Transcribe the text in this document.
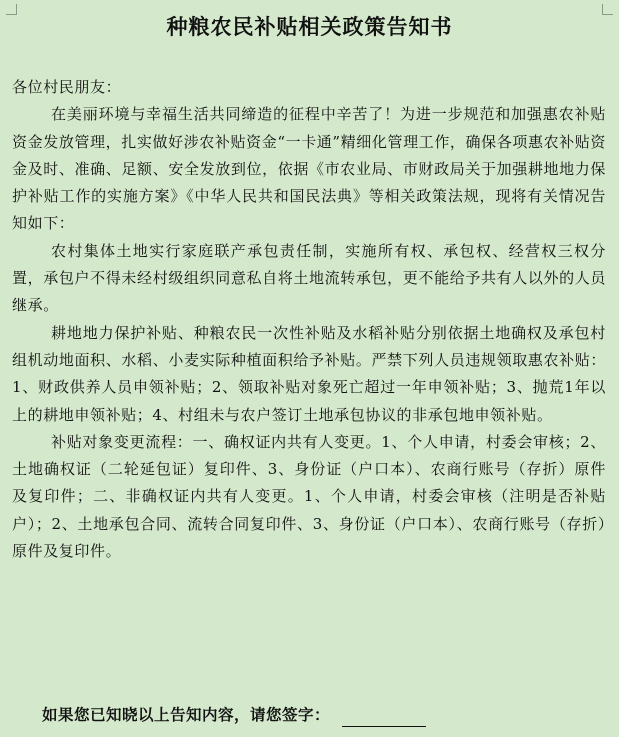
种粮农民补贴相关政策告知书

各位村民朋友：

在美丽环境与幸福生活共同缔造的征程中辛苦了！为进一步规范和加强惠农补贴资金发放管理，扎实做好涉农补贴资金“一卡通”精细化管理工作，确保各项惠农补贴资金及时、准确、足额、安全发放到位，依据《市农业局、市财政局关于加强耕地地力保护补贴工作的实施方案》《中华人民共和国民法典》等相关政策法规，现将有关情况告知如下：

农村集体土地实行家庭联产承包责任制，实施所有权、承包权、经营权三权分置，承包户不得未经村级组织同意私自将土地流转承包，更不能给予共有人以外的人员继承。

耕地地力保护补贴、种粮农民一次性补贴及水稻补贴分别依据土地确权及承包村组机动地面积、水稻、小麦实际种植面积给予补贴。严禁下列人员违规领取惠农补贴：1、财政供养人员申领补贴；2、领取补贴对象死亡超过一年申领补贴；3、抛荒1年以上的耕地申领补贴；4、村组未与农户签订土地承包协议的非承包地申领补贴。

补贴对象变更流程：一、确权证内共有人变更。1、个人申请，村委会审核；2、土地确权证（二轮延包证）复印件、3、身份证（户口本）、农商行账号（存折）原件及复印件；二、非确权证内共有人变更。1、个人申请，村委会审核（注明是否补贴户）；2、土地承包合同、流转合同复印件、3、身份证（户口本）、农商行账号（存折）原件及复印件。

如果您已知晓以上告知内容，请您签字：
